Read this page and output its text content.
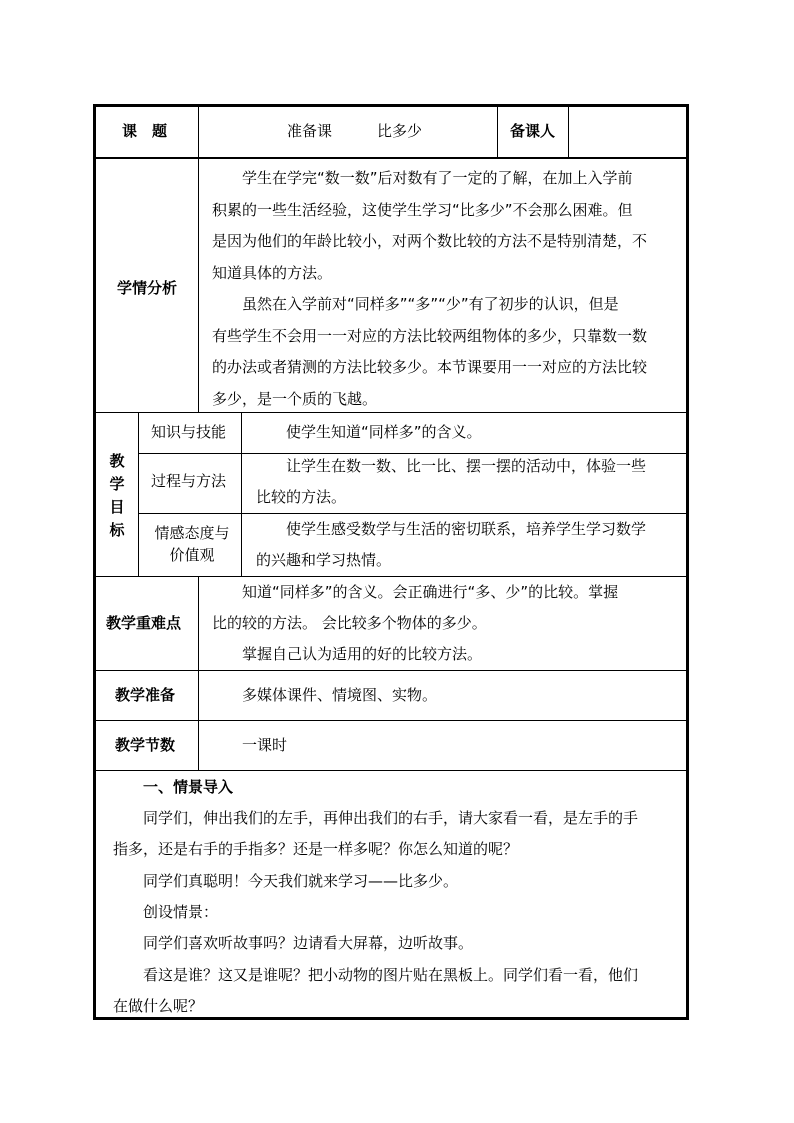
课　题	准备课　　　比多少	备课人
学情分析
　　学生在学完“数一数”后对数有了一定的了解，在加上入学前
积累的一些生活经验，这使学生学习“比多少”不会那么困难。但
是因为他们的年龄比较小，对两个数比较的方法不是特别清楚，不
知道具体的方法。
　　虽然在入学前对“同样多”“多”“少”有了初步的认识，但是
有些学生不会用一一对应的方法比较两组物体的多少，只靠数一数
的办法或者猜测的方法比较多少。本节课要用一一对应的方法比较
多少，是一个质的飞越。
教
学
目
标
知识与技能 　　使学生知道“同样多”的含义。
过程与方法
　　让学生在数一数、比一比、摆一摆的活动中，体验一些
比较的方法。
情感态度与
价值观
　　使学生感受数学与生活的密切联系，培养学生学习数学
的兴趣和学习热情。
教学重难点
　　知道“同样多”的含义。会正确进行“多、少”的比较。掌握
比的较的方法。 会比较多个物体的多少。
　　掌握自己认为适用的好的比较方法。
教学准备 　　多媒体课件、情境图、实物。
教学节数 　　一课时
　　一、情景导入
　　同学们，伸出我们的左手，再伸出我们的右手，请大家看一看，是左手的手
指多，还是右手的手指多？还是一样多呢？你怎么知道的呢？
　　同学们真聪明！今天我们就来学习——比多少。
　　创设情景：
　　同学们喜欢听故事吗？边请看大屏幕，边听故事。
　　看这是谁？这又是谁呢？把小动物的图片贴在黑板上。同学们看一看，他们
在做什么呢？
